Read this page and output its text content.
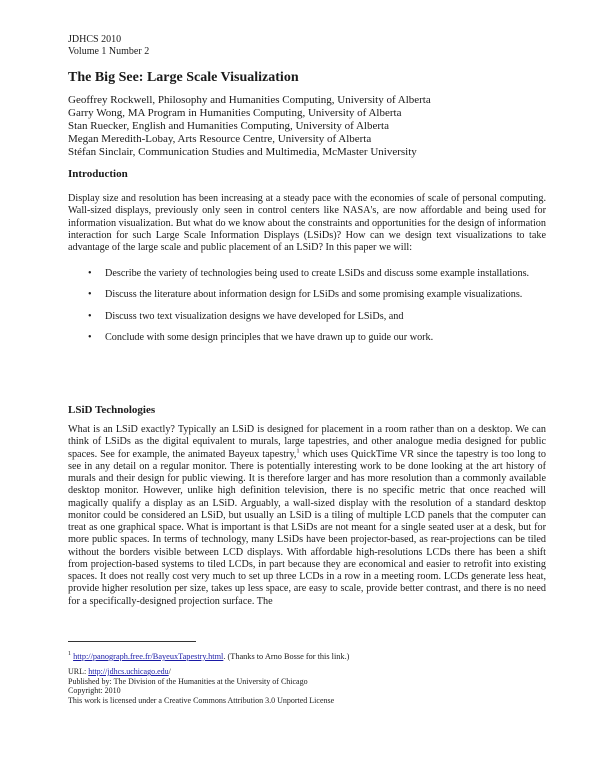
JDHCS 2010
Volume 1 Number 2
The Big See: Large Scale Visualization
Geoffrey Rockwell, Philosophy and Humanities Computing, University of Alberta
Garry Wong, MA Program in Humanities Computing, University of Alberta
Stan Ruecker, English and Humanities Computing, University of Alberta
Megan Meredith-Lobay, Arts Resource Centre, University of Alberta
Stéfan Sinclair, Communication Studies and Multimedia, McMaster University
Introduction

Display size and resolution has been increasing at a steady pace with the economies of scale of personal computing. Wall-sized displays, previously only seen in control centers like NASA's, are now affordable and being used for information visualization. But what do we know about the constraints and opportunities for the design of information interaction for such Large Scale Information Displays (LSiDs)? How can we design text visualizations to take advantage of the large scale and public placement of an LSiD? In this paper we will:

• Describe the variety of technologies being used to create LSiDs and discuss some example installations.
• Discuss the literature about information design for LSiDs and some promising example visualizations.
• Discuss two text visualization designs we have developed for LSiDs, and
• Conclude with some design principles that we have drawn up to guide our work.
LSiD Technologies

What is an LSiD exactly? Typically an LSiD is designed for placement in a room rather than on a desktop. We can think of LSiDs as the digital equivalent to murals, large tapestries, and other analogue media designed for public spaces. See for example, the animated Bayeux tapestry,$^1$ which uses QuickTime VR since the tapestry is too long to see in any detail on a regular monitor. There is potentially interesting work to be done looking at the art history of murals and their design for public viewing. It is therefore larger and has more resolution than a commonly available desktop monitor. However, unlike high definition television, there is no specific metric that once reached will magically qualify a display as an LSiD. Arguably, a wall-sized display with the resolution of a standard desktop monitor could be considered an LSiD, but usually an LSiD is a tiling of multiple LCD panels that the computer can treat as one graphical space. What is important is that LSiDs are not meant for a single seated user at a desk, but for more public spaces. In terms of technology, many LSiDs have been projector-based, as rear-projections can be tiled without the borders visible between LCD displays. With affordable high-resolutions LCDs there has been a shift from projection-based systems to tiled LCDs, in part because they are economical and easier to retrofit into existing spaces. It does not really cost very much to set up three LCDs in a row in a meeting room. LCDs generate less heat, provide higher resolution per size, takes up less space, are easy to scale, provide better contrast, and there is no need for a specifically-designed projection surface. The

$^1$ http://panograph.free.fr/BayeuxTapestry.html. (Thanks to Arno Bosse for this link.)
URL: http://jdhcs.uchicago.edu/
Published by: The Division of the Humanities at the University of Chicago
Copyright: 2010
This work is licensed under a Creative Commons Attribution 3.0 Unported License
